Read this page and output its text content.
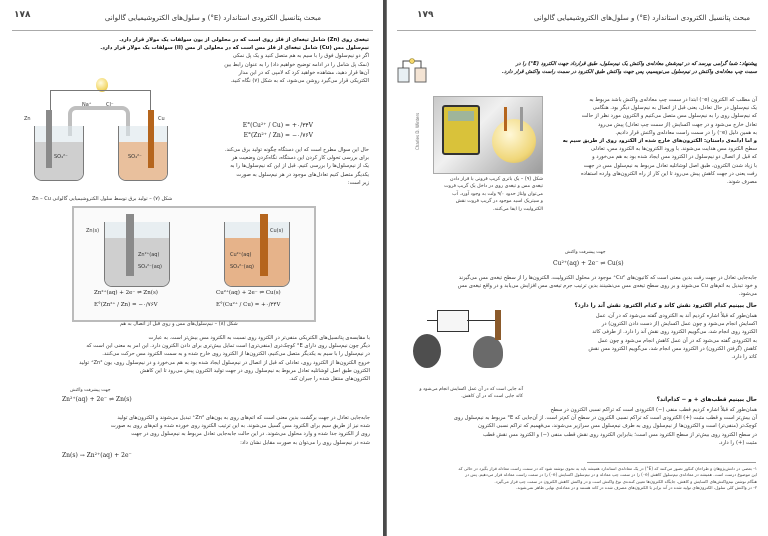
۱۷۸	مبحث پتانسیل الکترودی استاندارد (E°) و سلول‌های الکتروشیمیایی گالوانی
تیغه‌ی روی (Zn) شامل تیغه‌ای از فلز روی است که در محلولی از یون سولفات یک مولار قرار دارد.
نیم‌سلول مس (Cu) شامل تیغه‌ای از فلز مس است که در محلولی از مس (II) سولفات یک مولار قرار دارد.
اگر دو نیم‌سلول فوق را با سیم به هم متصل کنید و یک پل نمکی
(نمک پل شامل را در ادامه توضیح خواهیم داد) را به عنوان رابط بین
آن‌ها قرار دهید، مشاهده خواهید کرد که لامپی که در این مدار
الکتریکی قرار می‌گیرد روشن می‌شود، که به شکل (۷) نگاه کنید.
E°(Cu²⁺ / Cu) = +۰/۳۴V
E°(Zn²⁺ / Zn) = −۰/۷۶V
حال این سوال مطرح است که این دستگاه چگونه تولید برق می‌کند.
برای بررسی تحولی کار کردن این دستگاه، نگاه‌کردن وضعیت هر
یک از نیم‌سلول‌ها را بررسی کنیم. قبل از این که نیم‌سلول‌ها را به
یکدیگر متصل کنیم تعادل‌های موجود در هر نیم‌سلول به صورت
زیر است:
Na⁺	Cl⁻
Zn	Cu
SO₄²⁻	SO₄²⁻
شکل (۷) – تولید برق توسط سلول الکتروشیمیایی گالوانی Zn – Cu
Zn(s)
Zn²⁺(aq)
SO₄²⁻(aq)
Zn²⁺(aq) + 2e⁻ ⇌ Zn(s)
E°(Zn²⁺ / Zn) = −۰/۷۶V
Cu(s)
Cu²⁺(aq)
SO₄²⁻(aq)
Cu²⁺(aq) + 2e⁻ ⇌ Cu(s)
E°(Cu²⁺ / Cu) = +۰/۳۴V
شکل (۸) – نیم‌سلول‌های مس و روی قبل از اتصال به هم
با مقایسه‌ی پتانسیل‌های الکتریکی منفی‌تر در الکترود روی نسبت به الکترود مس بیش‌تر است. به عبارت
دیگر چون نیم‌سلول روی دارای E° کوچک‌تری (منفی‌تری) است تمایل بیش‌تری برای دادن الکترون دارد. این امر به معنی این است که
در نیم‌سلول را با سیم به یکدیگر متصل می‌کنیم، الکترون‌ها از الکترود روی خارج شده و به سمت الکترود مس حرکت می‌کنند.
خروج الکترون‌ها از الکترود روی، تعادلی که قبل از اتصال در نیم‌سلول ایجاد شده بود به هم می‌خورد و در نیم‌سلول روی، یون Zn²⁺ تولید
الکترون طبق اصل لوشاتلیه تعادل مربوط به نیم‌سلول روی در جهت تولید الکترون پیش می‌رود تا این کاهش
الکترون‌های منتقل شده را جبران کند.
جهت پیشرفت واکنش
Zn²⁺(aq) + 2e⁻ ⇌ Zn(s)
جابه‌جایی تعادل در جهت برگشت بدین معنی است که اتم‌های روی به یون‌های Zn²⁺ تبدیل می‌شوند و الکترون‌های تولید
شده نیز از طریق سیم برای الکترود مس گسیل می‌شوند. به این ترتیب الکترود روی خورده شده و اتم‌های روی به صورت
روی از الکترود جدا شده و وارد محلول می‌شوند. در این حالت جابه‌جایی تعادل مربوط به نیم‌سلول روی در جهت
شده در نیم‌سلول روی را می‌توان به صورت مقابل نشان داد:
Zn(s) → Zn²⁺(aq) + 2e⁻
۱۷۹	مبحث پتانسیل الکترودی استاندارد (E°) و سلول‌های الکتروشیمیایی گالوانی
پیشنهاد: شما گرامی بپرسد که در تیم‌شش معادله‌ی واکنش یک نیم‌سلول، طبق قرارداد جهت الکترود (E°) را در
سمت چپ معادله‌ی واکنش در نیم‌سلول می‌نویسیم، پس جهت واکنش طبق الکترود در سمت راست واکنش قرار دارد.
Charles D. Winters
شکل (۹) – یک باتری کریپ فرونی با قرار دادن
تیغه‌ی مس و تیغه‌ی روی در داخل یک گریپ فروت
می‌توان ولتاژ حدود ۹/۰ ولت به وجود آورد. آب
و سیتریک اسید موجود در گریپ فروت نقش
الکترولیت را ایفا می‌کنند.
آن مطلب که الکترون (e⁻) ابتدا در سمت چپ معادله‌ی واکنش باشد مربوط به
یک نیم‌سلول در حال تعادل، یعنی قبل از اتصال به نیم‌سلول دیگر بود. هنگامی
که نیم‌سلول روی را به نیم‌سلول مس متصل می‌کنیم و الکترون مورد نظر از حالت
تعادل خارج می‌شود و در جهت اکسایش (از سمت چپ تعادل) پیش می‌رود
به همین دلیل (e⁻) را در سمت راست معادله‌ی واکنش قرار دادیم.
و اما ادامه‌ی داستان: الکترون‌های خارج شده از الکترود روی از طریق سیم به
سطح الکترود مس هدایت می‌شوند. با ورود الکترون‌ها به الکترود مس، تعادلی
که قبل از اتصال دو نیم‌سلول در الکترود مس ایجاد شده بود به هم می‌خورد و
با زیاد شدن الکترون، طبق اصل لوشاتلیه تعادل مربوط به نیم‌سلول مس در جهت
رفت یعنی در جهت کاهش پیش می‌رود تا این کار از راه الکترون‌های وارده استفاده
مصرف شوند.
جهت پیشرفت واکنش
Cu²⁺(aq) + 2e⁻ ⇌ Cu(s)
جابه‌جایی تعادل در جهت رفت بدین معنی است که کاتیون‌های Cu²⁺ موجود در محلول الکترولیت، الکترون‌ها را از سطح تیغه‌ی مس می‌گیرند
و خود تبدیل به اتم‌های Cu می‌شوند و بر روی سطح تیغه‌ی مس می‌نشینند بدین ترتیب جرم تیغه‌ی مس افزایش می‌یابد و در واقع تیغه‌ی مس
می‌شود.
حال ببینیم کدام الکترود نقش کاتد و کدام الکترود نقش آند را دارد؟
آند جایی است که در آن عمل اکسایش انجام می‌شود و
کاتد جایی است که در آن کاهش.
همان‌طور که قبلاً اشاره کردیم آند به الکترودی گفته می‌شود که در آن، عمل
اکسایش انجام می‌شود و چون عمل اکسایش (از دست دادن الکترون) در
الکترود روی انجام شد، می‌گوییم الکترود روی نقش آند را دارد. از طرفی کاتد
به الکترودی گفته می‌شود که در آن عمل کاهش انجام می‌شود و چون عمل
کاهش (گرفتن الکترون) در الکترود مس انجام شد، می‌گوییم الکترود مس نقش
کاتد را دارد.
حال ببینیم قطب‌های + و − کدام‌اند؟
همان‌طور که قبلاً اشاره کردیم قطب منفی (−) الکترودی است که تراکم نسبی الکترون در سطح
آن بیش‌تر است و قطب مثبت (+) الکترودی است که تراکم نسبی الکترون در سطح آن کم‌تر است. از آن‌جایی که E° مربوط به نیم‌سلول روی
کوچک‌تر (منفی‌تر) است و الکترون‌ها از نیم‌سلول روی به طرف نیم‌سلول مس سرازیر می‌شوند، می‌فهمیم که تراکم نسبی الکترون
در سطح الکترود روی بیش‌تر از سطح الکترود مس است؛ بنابراین الکترود روی نقش قطب منفی (−) و الکترود مس نقش قطب
مثبت (+) را دارد.
۱- بعضی در دانش‌پژوهان و طراحان کنکور تصور می‌کنند که (E°) در یک معادله‌ی استاندارد همیشه باید به نحوی نوشته شود که در سمت راست معادله قرار بگیرد در حالی که
این موضوع درست است. همیشه در معادله‌ی نیم‌سلول کاهش (e⁻) را در سمت چپ معادله و در نیم‌سلول اکسایش (e⁻) را در سمت راست معادله قرار می‌دهیم. پس در
هنگام نوشتن نیم‌واکنش‌های اکسایش و کاهش، جایگاه الکترون‌ها تعیین کننده‌ی نوع واکنش است و در واکنش کاهش الکترون در سمت چپ قرار می‌گیرد.
۲- در واکنش کلی سلول، الکترون‌های تولید شده در آند برابر با الکترون‌های مصرف شده در کاتد هستند و در معادله‌ی نهایی ظاهر نمی‌شوند.
